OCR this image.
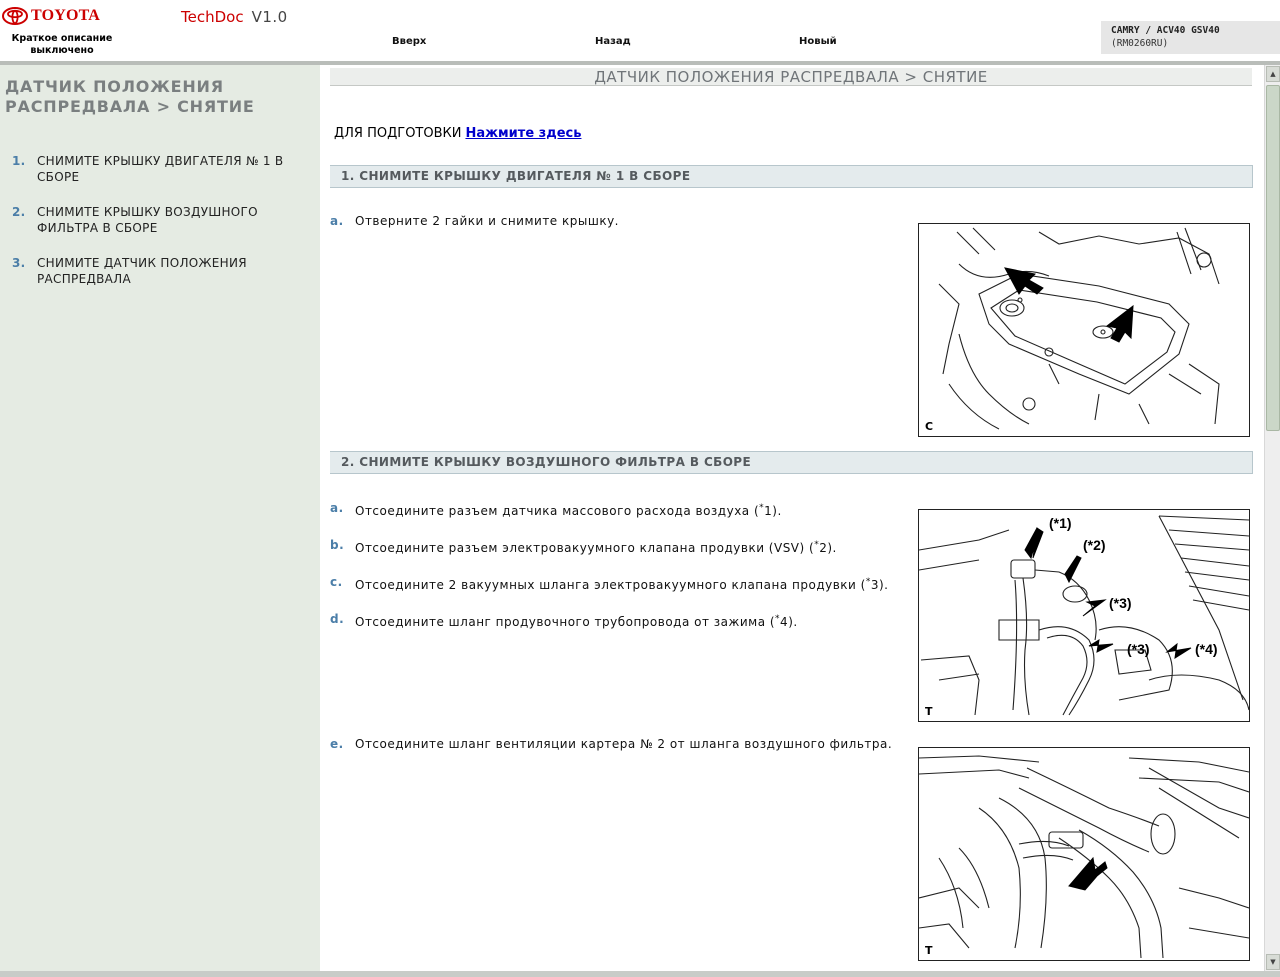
TOYOTA
Краткое описание
выключено
TechDoc V1.0
Вверх	Назад	Новый
CAMRY / ACV40 GSV40
(RM0260RU)
ДАТЧИК ПОЛОЖЕНИЯ
РАСПРЕДВАЛА > СНЯТИЕ
1. СНИМИТЕ КРЫШКУ ДВИГАТЕЛЯ № 1 В СБОРЕ
2. СНИМИТЕ КРЫШКУ ВОЗДУШНОГО ФИЛЬТРА В СБОРЕ
3. СНИМИТЕ ДАТЧИК ПОЛОЖЕНИЯ РАСПРЕДВАЛА
ДАТЧИК ПОЛОЖЕНИЯ РАСПРЕДВАЛА > СНЯТИЕ
ДЛЯ ПОДГОТОВКИ Нажмите здесь
1. СНИМИТЕ КРЫШКУ ДВИГАТЕЛЯ № 1 В СБОРЕ
a. Отверните 2 гайки и снимите крышку.
C
2. СНИМИТЕ КРЫШКУ ВОЗДУШНОГО ФИЛЬТРА В СБОРЕ
a. Отсоедините разъем датчика массового расхода воздуха (*1).
b. Отсоедините разъем электровакуумного клапана продувки (VSV) (*2).
c.	Отсоедините 2 вакуумных шланга электровакуумного клапана продувки (*3).
d. Отсоедините шланг продувочного трубопровода от зажима (*4).
(*1)
(*2)
(*3)
(*3)	(*4)
T
e. Отсоедините шланг вентиляции картера № 2 от шланга воздушного фильтра.
T
▲
▼
